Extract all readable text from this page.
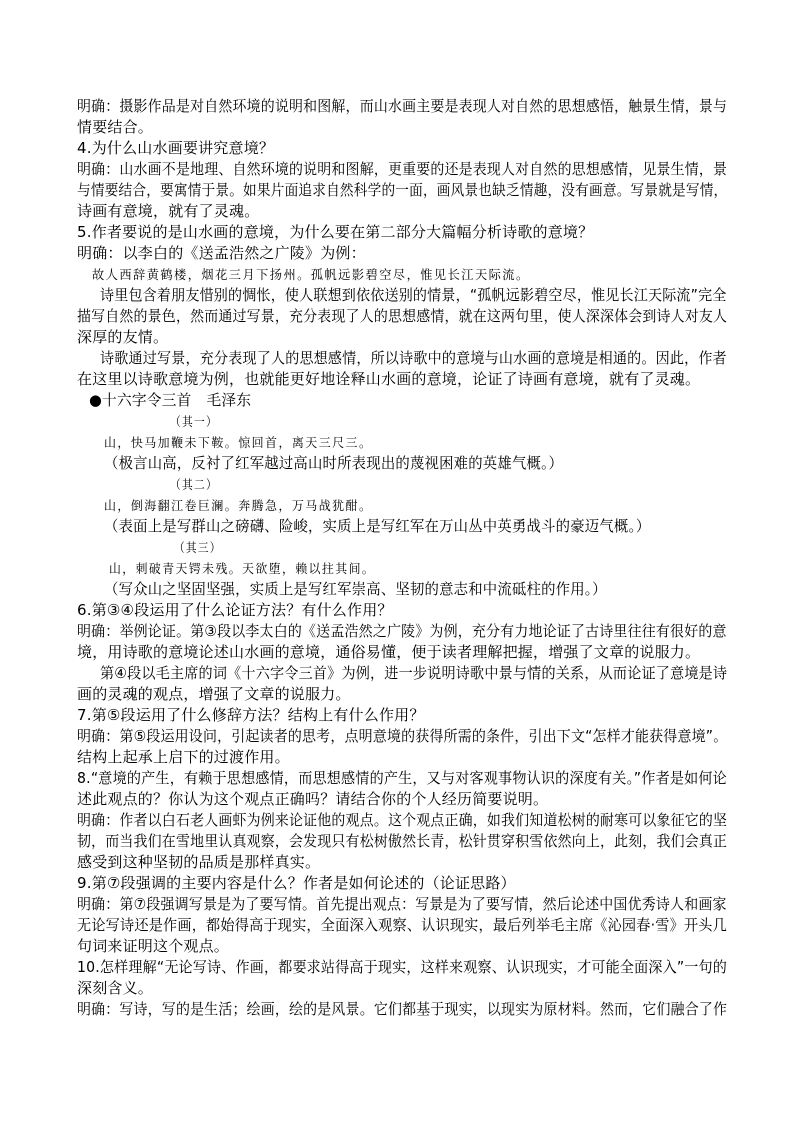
明确：摄影作品是对自然环境的说明和图解，而山水画主要是表现人对自然的思想感悟，触景生情，景与
情要结合。
4.为什么山水画要讲究意境？
明确：山水画不是地理、自然环境的说明和图解，更重要的还是表现人对自然的思想感情，见景生情，景
与情要结合，要寓情于景。如果片面追求自然科学的一面，画风景也缺乏情趣，没有画意。写景就是写情，
诗画有意境，就有了灵魂。
5.作者要说的是山水画的意境，为什么要在第二部分大篇幅分析诗歌的意境？
明确：以李白的《送孟浩然之广陵》为例：
故人西辞黄鹤楼，烟花三月下扬州。孤帆远影碧空尽，惟见长江天际流。
诗里包含着朋友惜别的惆怅，使人联想到依依送别的情景，“孤帆远影碧空尽，惟见长江天际流”完全
描写自然的景色，然而通过写景，充分表现了人的思想感情，就在这两句里，使人深深体会到诗人对友人
深厚的友情。
诗歌通过写景，充分表现了人的思想感情，所以诗歌中的意境与山水画的意境是相通的。因此，作者
在这里以诗歌意境为例，也就能更好地诠释山水画的意境，论证了诗画有意境，就有了灵魂。
●十六字令三首　毛泽东
（其一）
山，快马加鞭未下鞍。惊回首，离天三尺三。
（极言山高，反衬了红军越过高山时所表现出的蔑视困难的英雄气概。）
（其二）
山，倒海翻江卷巨澜。奔腾急，万马战犹酣。
（表面上是写群山之磅礴、险峻，实质上是写红军在万山丛中英勇战斗的豪迈气概。）
（其三）
山，刺破青天锷未残。天欲堕，赖以拄其间。
（写众山之坚固坚强，实质上是写红军崇高、坚韧的意志和中流砥柱的作用。）
6.第③④段运用了什么论证方法？有什么作用？
明确：举例论证。第③段以李太白的《送孟浩然之广陵》为例，充分有力地论证了古诗里往往有很好的意
境，用诗歌的意境论述山水画的意境，通俗易懂，便于读者理解把握，增强了文章的说服力。
第④段以毛主席的词《十六字令三首》为例，进一步说明诗歌中景与情的关系，从而论证了意境是诗
画的灵魂的观点，增强了文章的说服力。
7.第⑤段运用了什么修辞方法？结构上有什么作用？
明确：第⑤段运用设问，引起读者的思考，点明意境的获得所需的条件，引出下文“怎样才能获得意境”。
结构上起承上启下的过渡作用。
8.“意境的产生，有赖于思想感情，而思想感情的产生，又与对客观事物认识的深度有关。”作者是如何论
述此观点的？你认为这个观点正确吗？请结合你的个人经历简要说明。
明确：作者以白石老人画虾为例来论证他的观点。这个观点正确，如我们知道松树的耐寒可以象征它的坚
韧，而当我们在雪地里认真观察，会发现只有松树傲然长青，松针贯穿积雪依然向上，此刻，我们会真正
感受到这种坚韧的品质是那样真实。
9.第⑦段强调的主要内容是什么？作者是如何论述的（论证思路）
明确：第⑦段强调写景是为了要写情。首先提出观点：写景是为了要写情，然后论述中国优秀诗人和画家
无论写诗还是作画，都始得高于现实，全面深入观察、认识现实，最后列举毛主席《沁园春·雪》开头几
句词来证明这个观点。
10.怎样理解“无论写诗、作画，都要求站得高于现实，这样来观察、认识现实，才可能全面深入”一句的
深刻含义。
明确：写诗，写的是生活；绘画，绘的是风景。它们都基于现实，以现实为原材料。然而，它们融合了作
